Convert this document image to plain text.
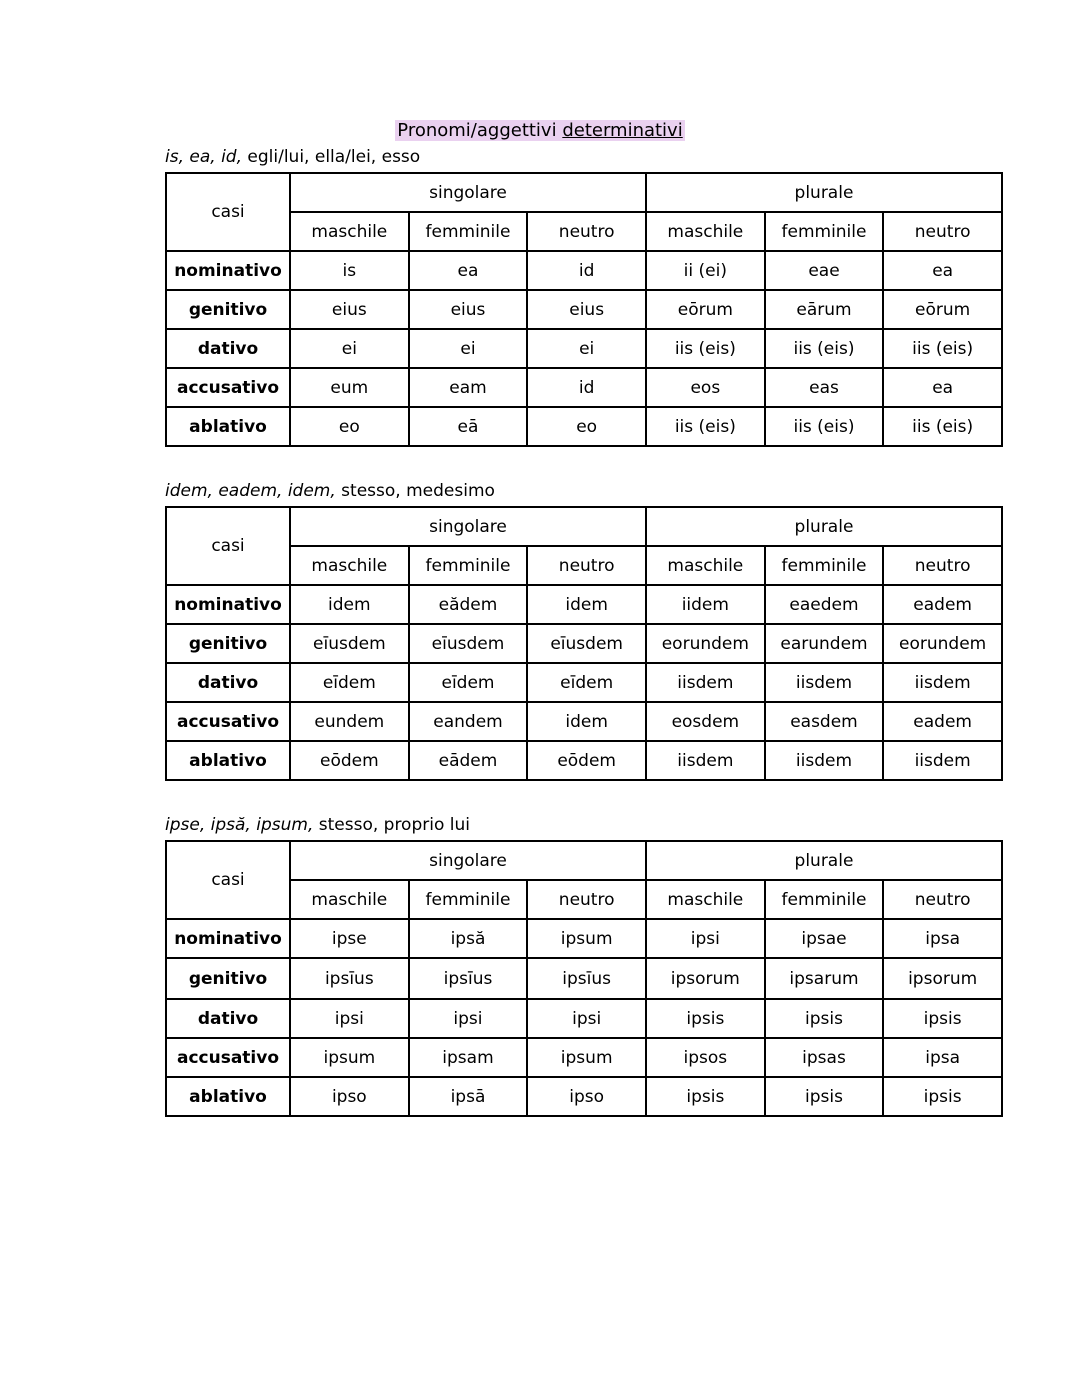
Pronomi/aggettivi determinativi
is, ea, id, egli/lui, ella/lei, esso
casi	singolare			plurale		
	maschile	femminile	neutro	maschile	femminile	neutro
nominativo	is	ea	id	ii (ei)	eae	ea
genitivo	eius	eius	eius	eōrum	eārum	eōrum
dativo	ei	ei	ei	iis (eis)	iis (eis)	iis (eis)
accusativo	eum	eam	id	eos	eas	ea
ablativo	eo	eā	eo	iis (eis)	iis (eis)	iis (eis)
idem, eadem, idem, stesso, medesimo
casi	singolare			plurale		
	maschile	femminile	neutro	maschile	femminile	neutro
nominativo	idem	eădem	idem	iidem	eaedem	eadem
genitivo	eīusdem	eīusdem	eīusdem	eorundem	earundem	eorundem
dativo	eīdem	eīdem	eīdem	iisdem	iisdem	iisdem
accusativo	eundem	eandem	idem	eosdem	easdem	eadem
ablativo	eōdem	eādem	eōdem	iisdem	iisdem	iisdem
ipse, ipsă, ipsum, stesso, proprio lui
casi	singolare			plurale		
	maschile	femminile	neutro	maschile	femminile	neutro
nominativo	ipse	ipsă	ipsum	ipsi	ipsae	ipsa
genitivo	ipsīus	ipsīus	ipsīus	ipsorum	ipsarum	ipsorum
dativo	ipsi	ipsi	ipsi	ipsis	ipsis	ipsis
accusativo	ipsum	ipsam	ipsum	ipsos	ipsas	ipsa
ablativo	ipso	ipsā	ipso	ipsis	ipsis	ipsis
